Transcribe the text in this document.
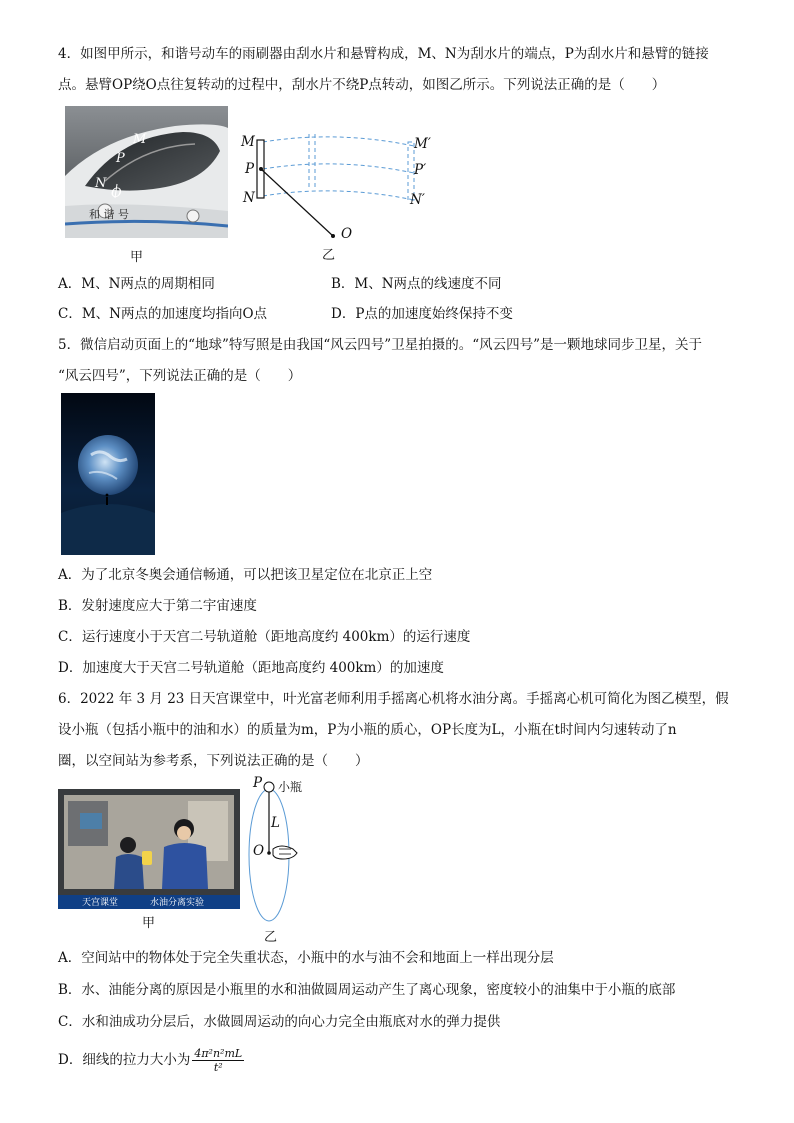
4．如图甲所示，和谐号动车的雨刷器由刮水片和悬臂构成，M、N为刮水片的端点，P为刮水片和悬臂的链接
点。悬臂OP绕O点往复转动的过程中，刮水片不绕P点转动，如图乙所示。下列说法正确的是（　　）
M
P
N
O
和 谐 号
甲
M
P
N
M′
P′
N′
O
乙
A．M、N两点的周期相同	B．M、N两点的线速度不同
C．M、N两点的加速度均指向O点	D．P点的加速度始终保持不变
5．微信启动页面上的“地球”特写照是由我国“风云四号”卫星拍摄的。“风云四号”是一颗地球同步卫星，关于
“风云四号”，下列说法正确的是（　　）
A．为了北京冬奥会通信畅通，可以把该卫星定位在北京正上空
B．发射速度应大于第二宇宙速度
C．运行速度小于天宫二号轨道舱（距地高度约 400km）的运行速度
D．加速度大于天宫二号轨道舱（距地高度约 400km）的加速度
6．2022 年 3 月 23 日天宫课堂中，叶光富老师利用手摇离心机将水油分离。手摇离心机可简化为图乙模型，假
设小瓶（包括小瓶中的油和水）的质量为m，P为小瓶的质心，OP长度为L，小瓶在t时间内匀速转动了n
圈，以空间站为参考系，下列说法正确的是（　　）
天宫课堂	水油分离实验
甲
P 小瓶
L
O
乙
A．空间站中的物体处于完全失重状态，小瓶中的水与油不会和地面上一样出现分层
B．水、油能分离的原因是小瓶里的水和油做圆周运动产生了离心现象，密度较小的油集中于小瓶的底部
C．水和油成功分层后，水做圆周运动的向心力完全由瓶底对水的弹力提供
D．细线的拉力大小为 $\frac{\text{4π²n²mL}}{\text{t²}}$
